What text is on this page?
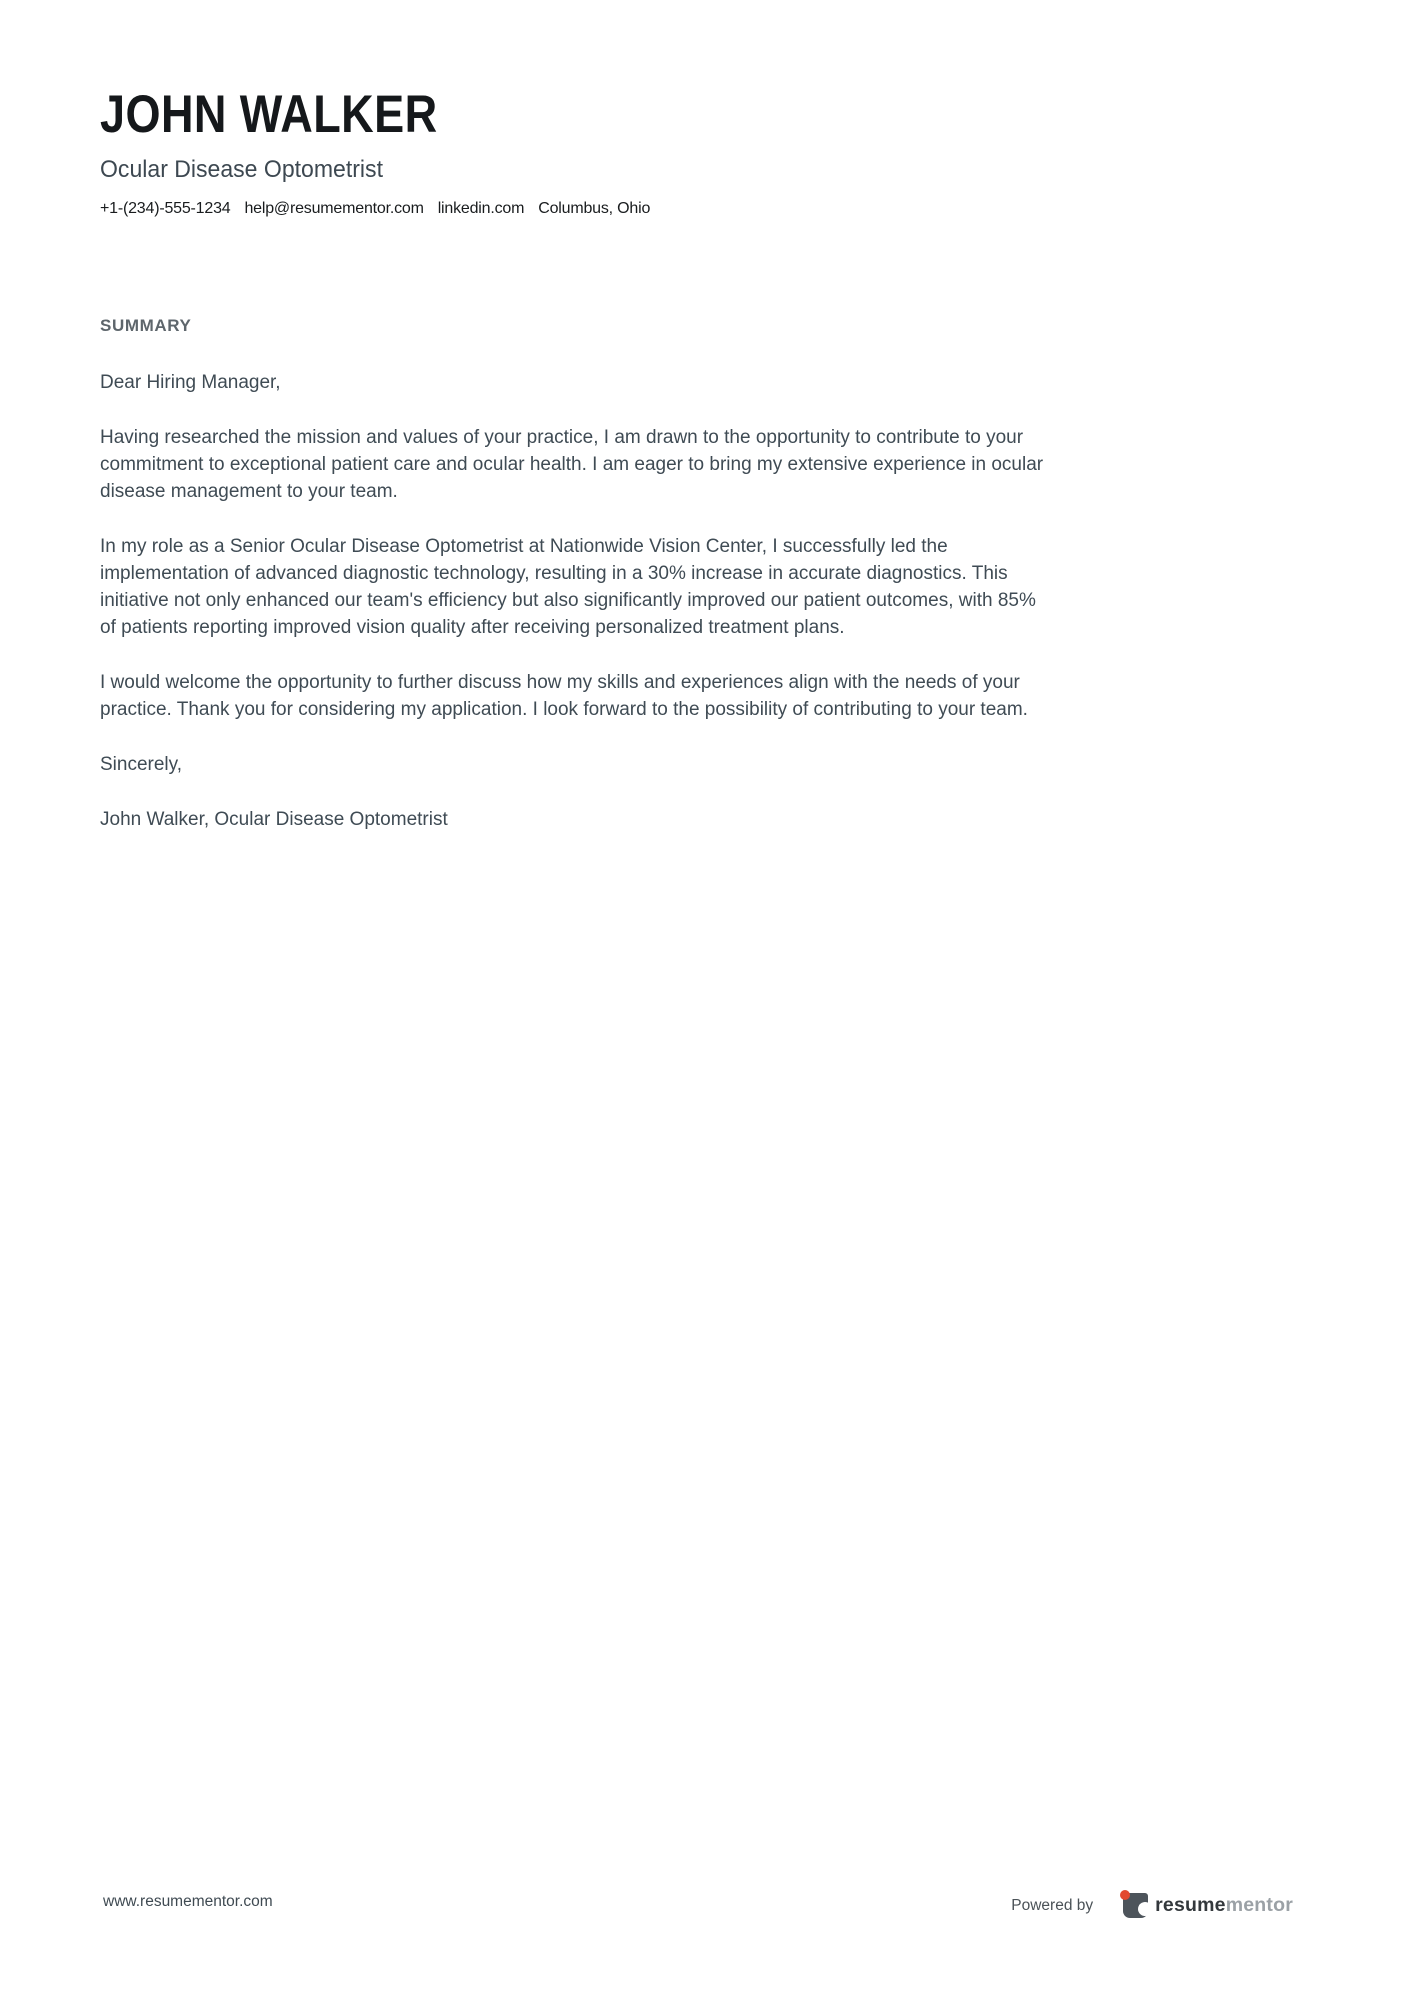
JOHN WALKER
Ocular Disease Optometrist
+1-(234)-555-1234 help@resumementor.com linkedin.com Columbus, Ohio
SUMMARY

Dear Hiring Manager,

Having researched the mission and values of your practice, I am drawn to the opportunity to contribute to your commitment to exceptional patient care and ocular health. I am eager to bring my extensive experience in ocular disease management to your team.

In my role as a Senior Ocular Disease Optometrist at Nationwide Vision Center, I successfully led the implementation of advanced diagnostic technology, resulting in a 30% increase in accurate diagnostics. This initiative not only enhanced our team's efficiency but also significantly improved our patient outcomes, with 85% of patients reporting improved vision quality after receiving personalized treatment plans.

I would welcome the opportunity to further discuss how my skills and experiences align with the needs of your practice. Thank you for considering my application. I look forward to the possibility of contributing to your team.

Sincerely,

John Walker, Ocular Disease Optometrist

www.resumementor.com	Powered by	resumementor
